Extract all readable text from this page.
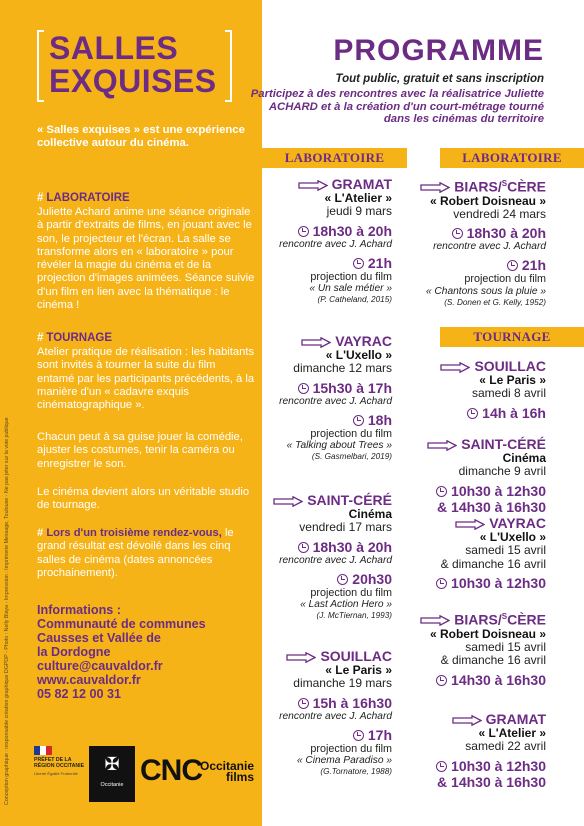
Conception graphique : responsable création graphique DGPDP - Photo : Nelly Blaya - Impression : Imprimerie Message, Toulouse - Ne pas jeter sur la voie publique
SALLES
EXQUISES
« Salles exquises » est une expérience collective autour du cinéma.
# LABORATOIRE
Juliette Achard anime une séance originale à partir d'extraits de films, en jouant avec le son, le projecteur et l'écran. La salle se transforme alors en « laboratoire » pour révéler la magie du cinéma et de la projection d'images animées. Séance suivie d'un film en lien avec la thématique : le cinéma !
# TOURNAGE
Atelier pratique de réalisation : les habitants sont invités à tourner la suite du film entamé par les participants précédents, à la manière d'un « cadavre exquis cinématographique ».
Chacun peut à sa guise jouer la comédie, ajuster les costumes, tenir la caméra ou enregistrer le son.
Le cinéma devient alors un véritable studio de tournage.
# Lors d'un troisième rendez-vous, le grand résultat est dévoilé dans les cinq salles de cinéma (dates annoncées prochainement).
Informations :
Communauté de communes
Causses et Vallée de
la Dordogne
culture@cauvaldor.fr
www.cauvaldor.fr
05 82 12 00 31
PRÉFET DE LA RÉGION OCCITANIE
Liberté Égalité Fraternité	✠
Occitanie CNC
Occitanie
films
PROGRAMME
Tout public, gratuit et sans inscription
Participez à des rencontres avec la réalisatrice Juliette ACHARD et à la création d'un court-métrage tourné dans les cinémas du territoire
LABORATOIRE	LABORATOIRE
TOURNAGE
GRAMAT
« L'Atelier »
jeudi 9 mars
18h30 à 20h
rencontre avec J. Achard
21h
projection du film
« Un sale métier »
(P. Catheland, 2015)
VAYRAC
« L'Uxello »
dimanche 12 mars
15h30 à 17h
rencontre avec J. Achard
18h
projection du film
« Talking about Trees »
(S. Gasmelbari, 2019)
SAINT-CÉRÉ
Cinéma
vendredi 17 mars
18h30 à 20h
rencontre avec J. Achard
20h30
projection du film
« Last Action Hero »
(J. McTiernan, 1993)
SOUILLAC
« Le Paris »
dimanche 19 mars
15h à 16h30
rencontre avec J. Achard
17h
projection du film
« Cinema Paradiso »
(G.Tornatore, 1988)
BIARS/$^S$CÈRE
« Robert Doisneau »
vendredi 24 mars
18h30 à 20h
rencontre avec J. Achard
21h
projection du film
« Chantons sous la pluie »
(S. Donen et G. Kelly, 1952)
SOUILLAC
« Le Paris »
samedi 8 avril
14h à 16h
SAINT-CÉRÉ
Cinéma
dimanche 9 avril
10h30 à 12h30
& 14h30 à 16h30
VAYRAC
« L'Uxello »
samedi 15 avril
& dimanche 16 avril
10h30 à 12h30
BIARS/$^S$CÈRE
« Robert Doisneau »
samedi 15 avril
& dimanche 16 avril
14h30 à 16h30
GRAMAT
« L'Atelier »
samedi 22 avril
10h30 à 12h30
& 14h30 à 16h30
